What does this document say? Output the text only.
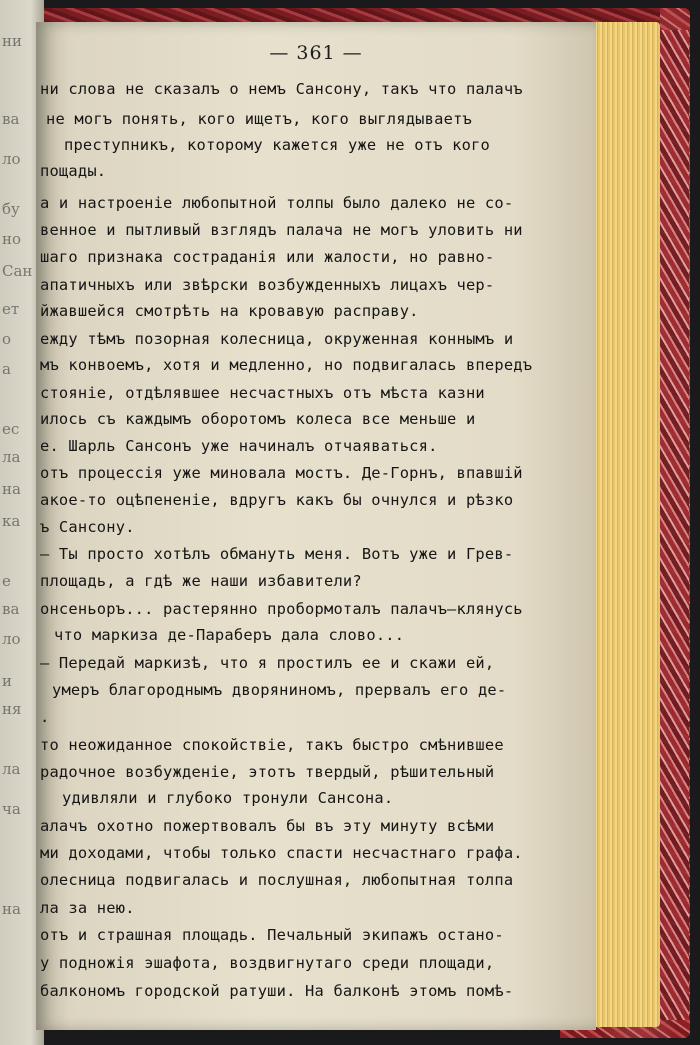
ни
ва
ло
бу
но
Сан
ет
о
а
ес
ла
на
ка
е
ва
ло
и
ня
ла
ча
на
— 361 —
ни слова не сказалъ о немъ Сансону, такъ что палачъ
не могъ понять, кого ищетъ, кого выглядываетъ
преступникъ, которому кажется уже не отъ кого
пощады.
а и настроеніе любопытной толпы было далеко не со-
венное и пытливый взглядъ палача не могъ уловить ни
шаго признака состраданія или жалости, но равно-
апатичныхъ или звѣрски возбужденныхъ лицахъ чер-
йжавшейся смотрѣть на кровавую расправу.
ежду тѣмъ позорная колесница, окруженная коннымъ и
мъ конвоемъ, хотя и медленно, но подвигалась впередъ
стояніе, отдѣлявшее несчастныхъ отъ мѣста казни
илось съ каждымъ оборотомъ колеса все меньше и
е. Шарль Сансонъ уже начиналъ отчаяваться.
отъ процессія уже миновала мостъ. Де-Горнъ, впавшій
акое-то оцѣпененіе, вдругъ какъ бы очнулся и рѣзко
ъ Сансону.
– Ты просто хотѣлъ обмануть меня. Вотъ уже и Грев-
площадь, а гдѣ же наши избавители?
онсеньоръ... растерянно пробормоталъ палачъ—клянусь
что маркиза де-Параберъ дала слово...
– Передай маркизѣ, что я простилъ ее и скажи ей,
умеръ благороднымъ дворяниномъ, прервалъ его де-
.
то неожиданное спокойствіе, такъ быстро смѣнившее
радочное возбужденіе, этотъ твердый, рѣшительный
удивляли и глубоко тронули Сансона.
алачъ охотно пожертвовалъ бы въ эту минуту всѣми
ми доходами, чтобы только спасти несчастнаго графа.
олесница подвигалась и послушная, любопытная толпа
ла за нею.
отъ и страшная площадь. Печальный экипажъ остано-
у подножія эшафота, воздвигнутаго среди площади,
балкономъ городской ратуши. На балконѣ этомъ помѣ-
